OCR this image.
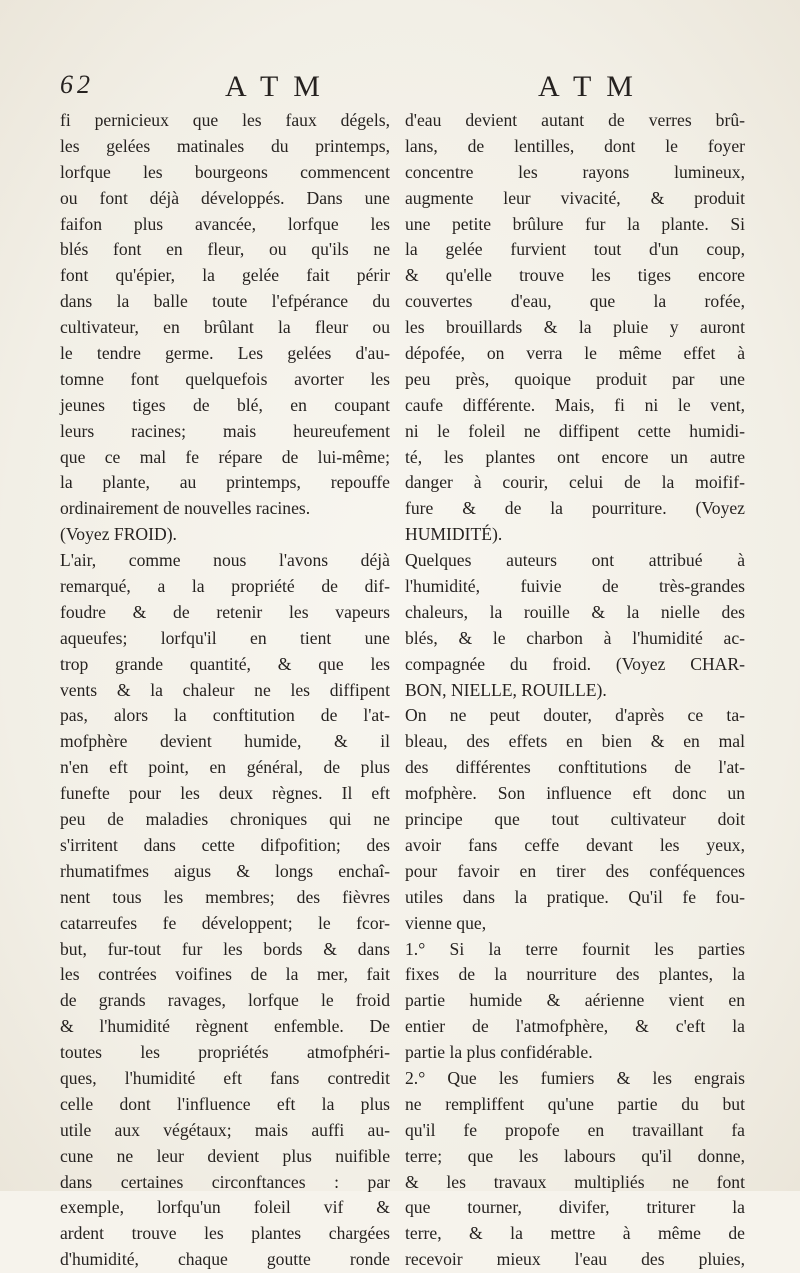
62	A T M	A T M
fi pernicieux que les faux dégels,
les gelées matinales du printemps,
lorfque les bourgeons commencent
ou font déjà développés. Dans une
faifon plus avancée, lorfque les
blés font en fleur, ou qu'ils ne
font qu'épier, la gelée fait périr
dans la balle toute l'efpérance du
cultivateur, en brûlant la fleur ou
le tendre germe. Les gelées d'au-
tomne font quelquefois avorter les
jeunes tiges de blé, en coupant
leurs racines; mais heureufement
que ce mal fe répare de lui-même;
la plante, au printemps, repouffe
ordinairement de nouvelles racines.
(Voyez FROID).
L'air, comme nous l'avons déjà
remarqué, a la propriété de dif-
foudre & de retenir les vapeurs
aqueufes; lorfqu'il en tient une
trop grande quantité, & que les
vents & la chaleur ne les diffipent
pas, alors la conftitution de l'at-
mofphère devient humide, & il
n'en eft point, en général, de plus
funefte pour les deux règnes. Il eft
peu de maladies chroniques qui ne
s'irritent dans cette difpofition; des
rhumatifmes aigus & longs enchaî-
nent tous les membres; des fièvres
catarreufes fe développent; le fcor-
but, fur-tout fur les bords & dans
les contrées voifines de la mer, fait
de grands ravages, lorfque le froid
& l'humidité règnent enfemble. De
toutes les propriétés atmofphéri-
ques, l'humidité eft fans contredit
celle dont l'influence eft la plus
utile aux végétaux; mais auffi au-
cune ne leur devient plus nuifible
dans certaines circonftances : par
exemple, lorfqu'un foleil vif &
ardent trouve les plantes chargées
d'humidité, chaque goutte ronde
d'eau devient autant de verres brû-
lans, de lentilles, dont le foyer
concentre les rayons lumineux,
augmente leur vivacité, & produit
une petite brûlure fur la plante. Si
la gelée furvient tout d'un coup,
& qu'elle trouve les tiges encore
couvertes d'eau, que la rofée,
les brouillards & la pluie y auront
dépofée, on verra le même effet à
peu près, quoique produit par une
caufe différente. Mais, fi ni le vent,
ni le foleil ne diffipent cette humidi-
té, les plantes ont encore un autre
danger à courir, celui de la moifif-
fure & de la pourriture. (Voyez
HUMIDITÉ).
Quelques auteurs ont attribué à
l'humidité, fuivie de très-grandes
chaleurs, la rouille & la nielle des
blés, & le charbon à l'humidité ac-
compagnée du froid. (Voyez CHAR-
BON, NIELLE, ROUILLE).
On ne peut douter, d'après ce ta-
bleau, des effets en bien & en mal
des différentes conftitutions de l'at-
mofphère. Son influence eft donc un
principe que tout cultivateur doit
avoir fans ceffe devant les yeux,
pour favoir en tirer des conféquences
utiles dans la pratique. Qu'il fe fou-
vienne que,
1.° Si la terre fournit les parties
fixes de la nourriture des plantes, la
partie humide & aérienne vient en
entier de l'atmofphère, & c'eft la
partie la plus confidérable.
2.° Que les fumiers & les engrais
ne rempliffent qu'une partie du but
qu'il fe propofe en travaillant fa
terre; que les labours qu'il donne,
& les travaux multipliés ne font
que tourner, divifer, triturer la
terre, & la mettre à même de
recevoir mieux l'eau des pluies,
